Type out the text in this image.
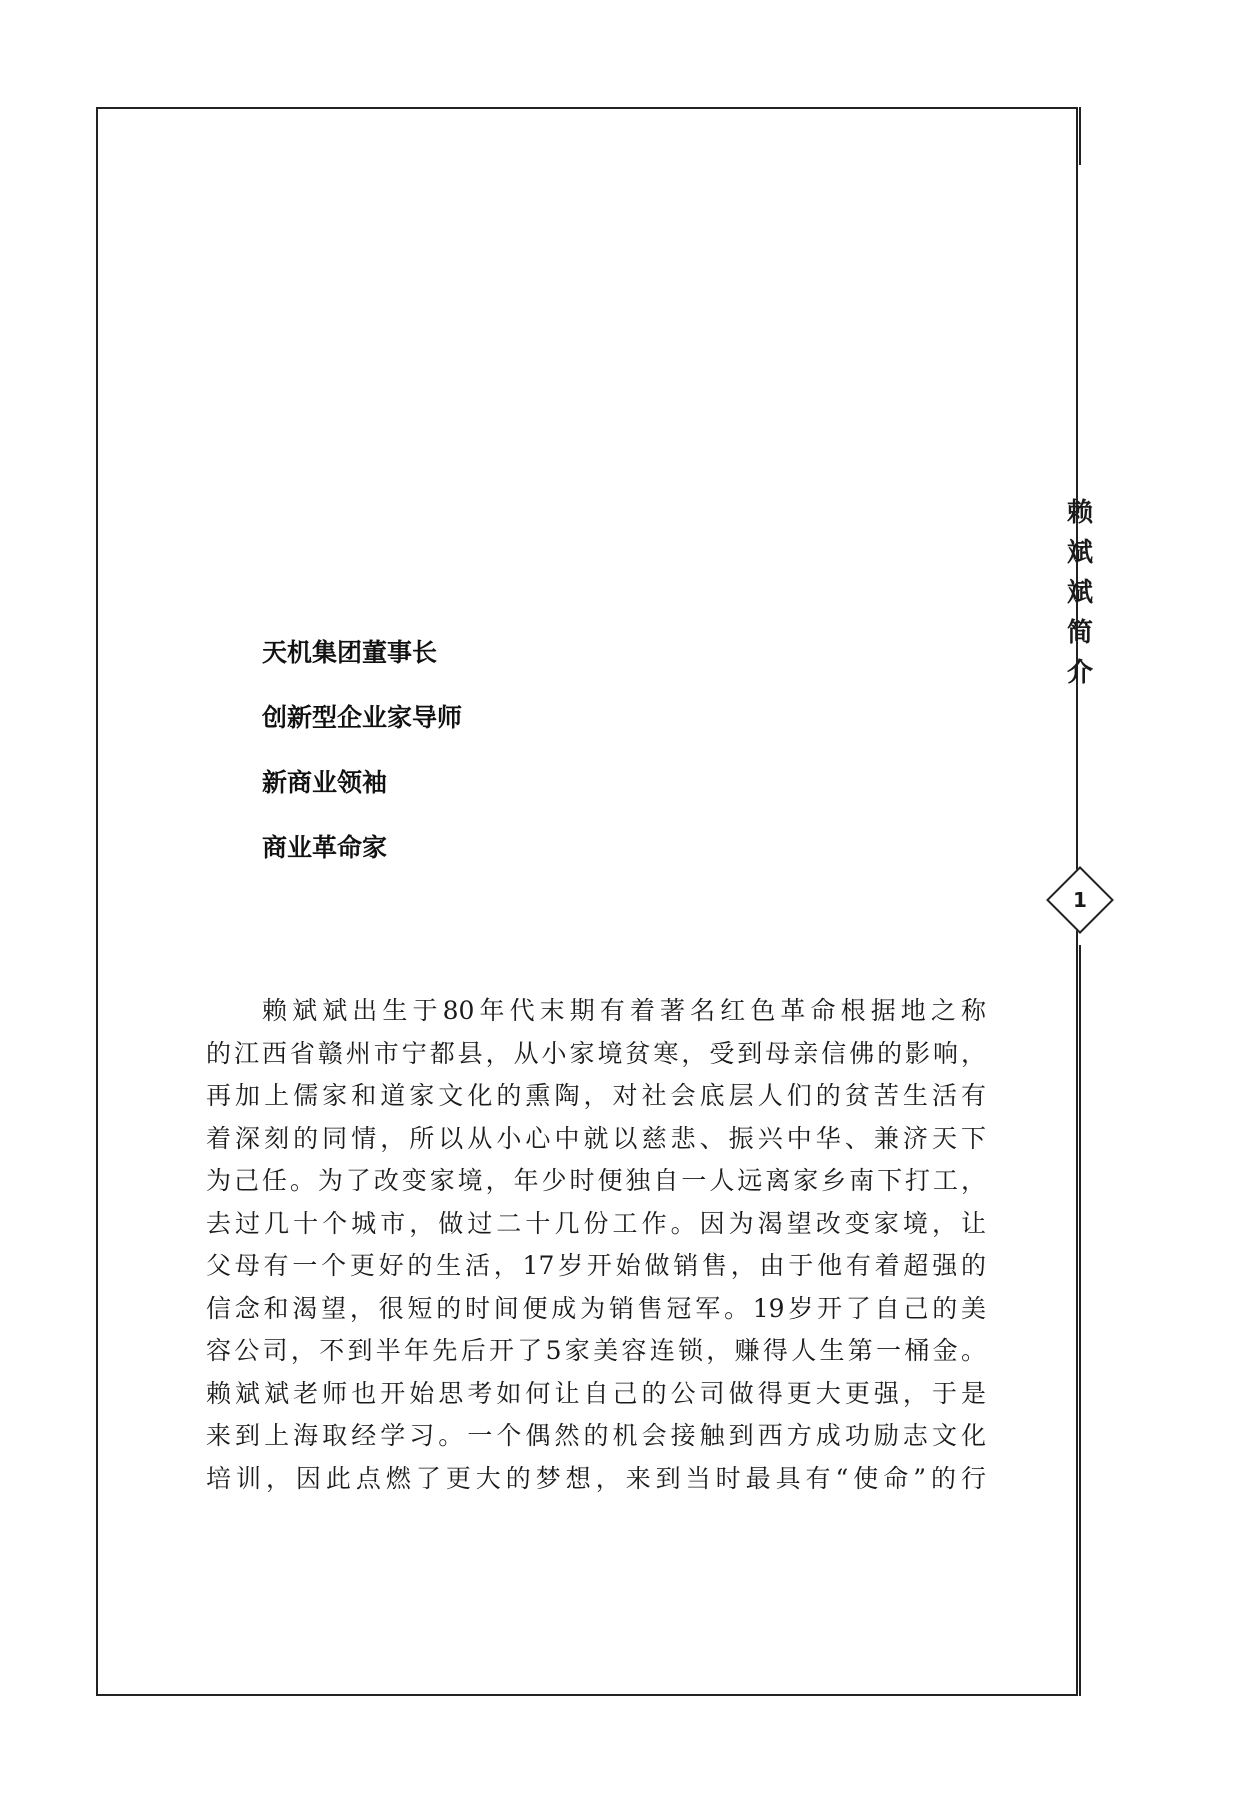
赖
斌
斌
简
介
1
天机集团董事长
创新型企业家导师
新商业领袖
商业革命家
赖斌斌出生于80年代末期有着著名红色革命根据地之称
的江西省赣州市宁都县，从小家境贫寒，受到母亲信佛的影响，
再加上儒家和道家文化的熏陶，对社会底层人们的贫苦生活有
着深刻的同情，所以从小心中就以慈悲、振兴中华、兼济天下
为己任。为了改变家境，年少时便独自一人远离家乡南下打工，
去过几十个城市，做过二十几份工作。因为渴望改变家境，让
父母有一个更好的生活，17岁开始做销售，由于他有着超强的
信念和渴望，很短的时间便成为销售冠军。19岁开了自己的美
容公司，不到半年先后开了5家美容连锁，赚得人生第一桶金。
赖斌斌老师也开始思考如何让自己的公司做得更大更强，于是
来到上海取经学习。一个偶然的机会接触到西方成功励志文化
培训，因此点燃了更大的梦想，来到当时最具有“使命”的行
